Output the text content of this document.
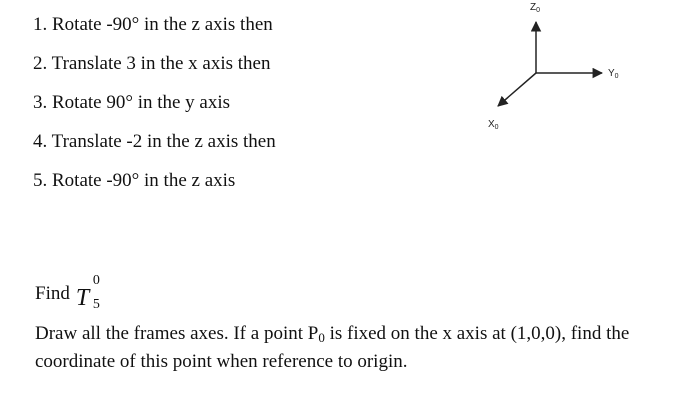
1. Rotate -90° in the z axis then
2. Translate 3 in the x axis then
3. Rotate 90° in the y axis
4. Translate -2 in the z axis then
5. Rotate -90° in the z axis
$Z_0$
$Y_0$
$X_0$
Find T
0
5

Draw all the frames axes. If a point P0 is fixed on the x axis at (1,0,0), find the coordinate of this point when reference to origin.
